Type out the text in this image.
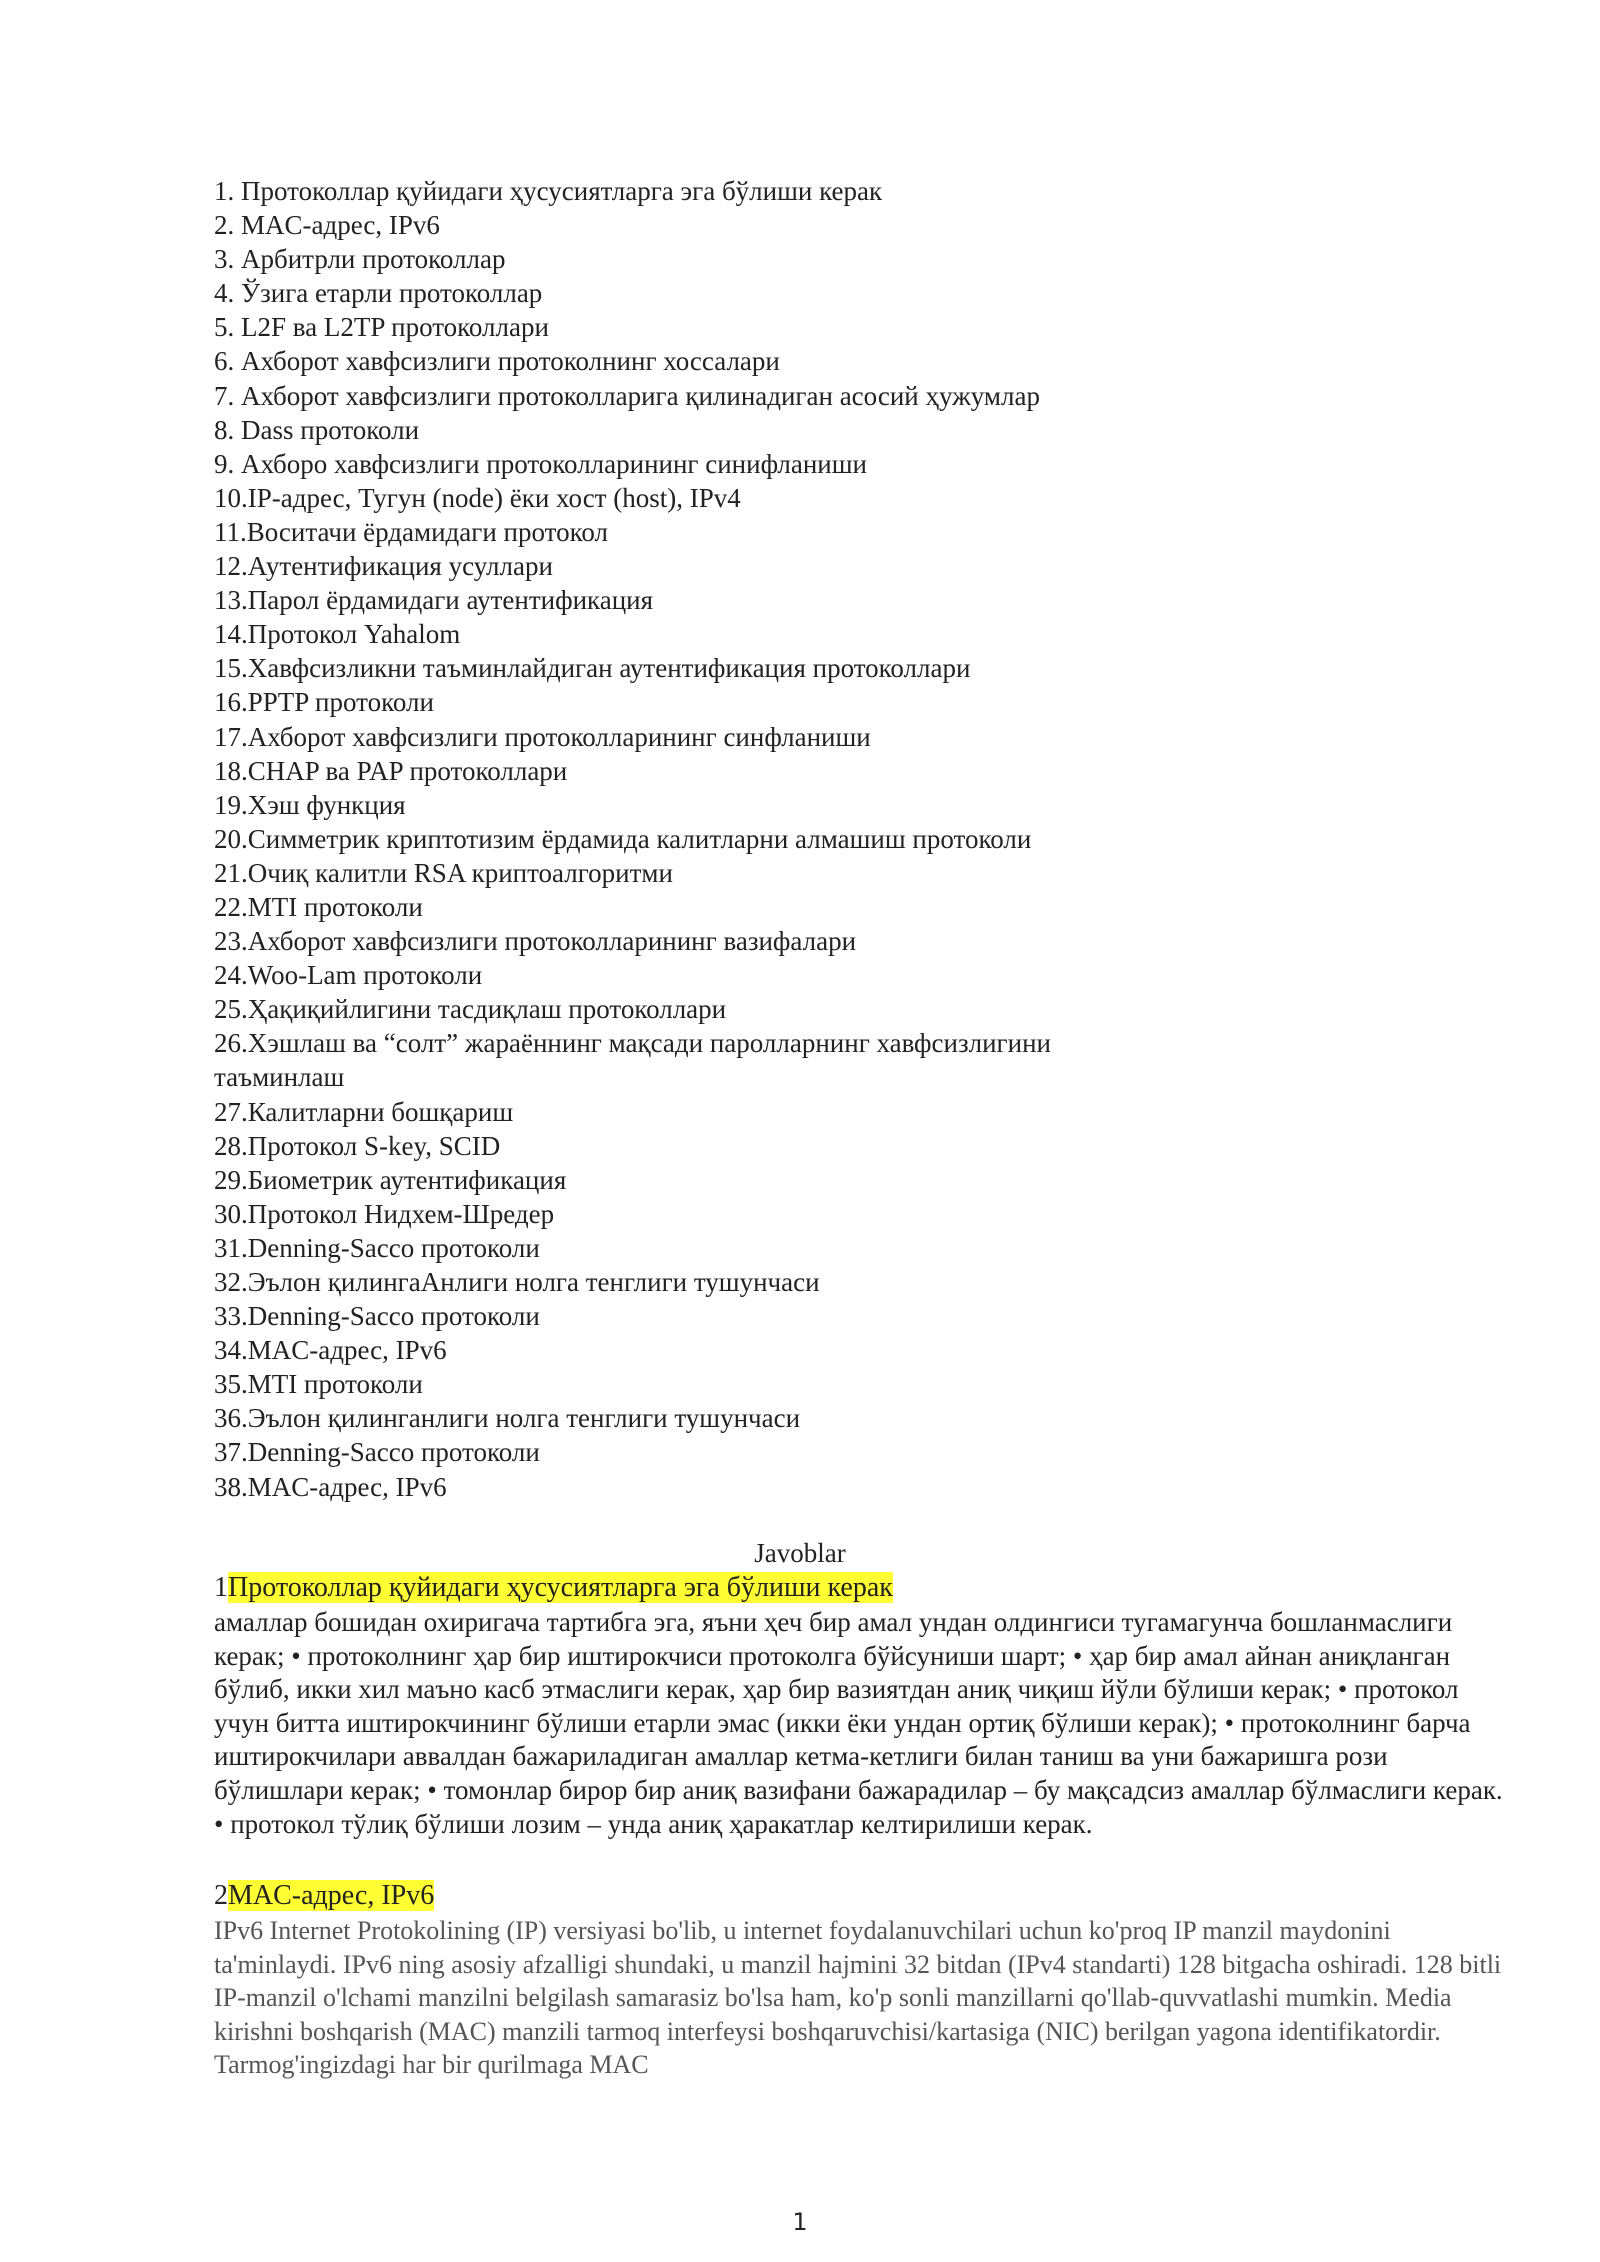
1. Протоколлар қуйидаги ҳусусиятларга эга бўлиши керак
2. MAC-адрес, IPv6
3. Арбитрли протоколлар
4. Ўзига етарли протоколлар
5. L2F ва L2TP протоколлари
6. Ахборот хавфсизлиги протоколнинг хоссалари
7. Ахборот хавфсизлиги протоколларига қилинадиган асосий ҳужумлар
8. Dass протоколи
9. Ахборо хавфсизлиги протоколларининг синифланиши
10.IP-адрес, Тугун (node) ёки хост (host), IPv4
11.Воситачи ёрдамидаги протокол
12.Аутентификация усуллари
13.Парол ёрдамидаги аутентификация
14.Протокол Yahalom
15.Хавфсизликни таъминлайдиган аутентификация протоколлари
16.PPTP протоколи
17.Ахборот хавфсизлиги протоколларининг синфланиши
18.CHAP ва PAP протоколлари
19.Хэш функция
20.Симметрик криптотизим ёрдамида калитларни алмашиш протоколи
21.Очиқ калитли RSA криптоалгоритми
22.MTI протоколи
23.Ахборот хавфсизлиги протоколларининг вазифалари
24.Woo-Lam протоколи
25.Ҳақиқийлигини тасдиқлаш протоколлари
26.Хэшлаш ва “солт” жараённинг мақсади паролларнинг хавфсизлигини таъминлаш
27.Калитларни бошқариш
28.Протокол S-key, SCID
29.Биометрик аутентификация
30.Протокол Нидхем-Шредер
31.Denning-Sacco протоколи
32.Эълон қилингаАнлиги нолга тенглиги тушунчаси
33.Denning-Sacco протоколи
34.MAC-адрес, IPv6
35.MTI протоколи
36.Эълон қилинганлиги нолга тенглиги тушунчаси
37.Denning-Sacco протоколи
38.MAC-адрес, IPv6
Javoblar
1Протоколлар қуйидаги ҳусусиятларга эга бўлиши керак
амаллар бошидан охиригача тартибга эга, яъни ҳеч бир амал ундан олдингиси тугамагунча бошланмаслиги керак; • протоколнинг ҳар бир иштирокчиси протоколга бўйсуниши шарт; • ҳар бир амал айнан аниқланган бўлиб, икки хил маъно касб этмаслиги керак, ҳар бир вазиятдан аниқ чиқиш йўли бўлиши керак; • протокол учун битта иштирокчининг бўлиши етарли эмас (икки ёки ундан ортиқ бўлиши керак); • протоколнинг барча иштирокчилари аввалдан бажариладиган амаллар кетма-кетлиги билан таниш ва уни бажаришга рози бўлишлари керак; • томонлар бирор бир аниқ вазифани бажарадилар – бу мақсадсиз амаллар бўлмаслиги керак. • протокол тўлиқ бўлиши лозим – унда аниқ ҳаракатлар келтирилиши керак.
2MAC-адрес, IPv6
IPv6 Internet Protokolining (IP) versiyasi bo'lib, u internet foydalanuvchilari uchun ko'proq IP manzil maydonini ta'minlaydi. IPv6 ning asosiy afzalligi shundaki, u manzil hajmini 32 bitdan (IPv4 standarti) 128 bitgacha oshiradi. 128 bitli IP-manzil o'lchami manzilni belgilash samarasiz bo'lsa ham, ko'p sonli manzillarni qo'llab-quvvatlashi mumkin. Media kirishni boshqarish (MAC) manzili tarmoq interfeysi boshqaruvchisi/kartasiga (NIC) berilgan yagona identifikatordir. Tarmog'ingizdagi har bir qurilmaga MAC
1
